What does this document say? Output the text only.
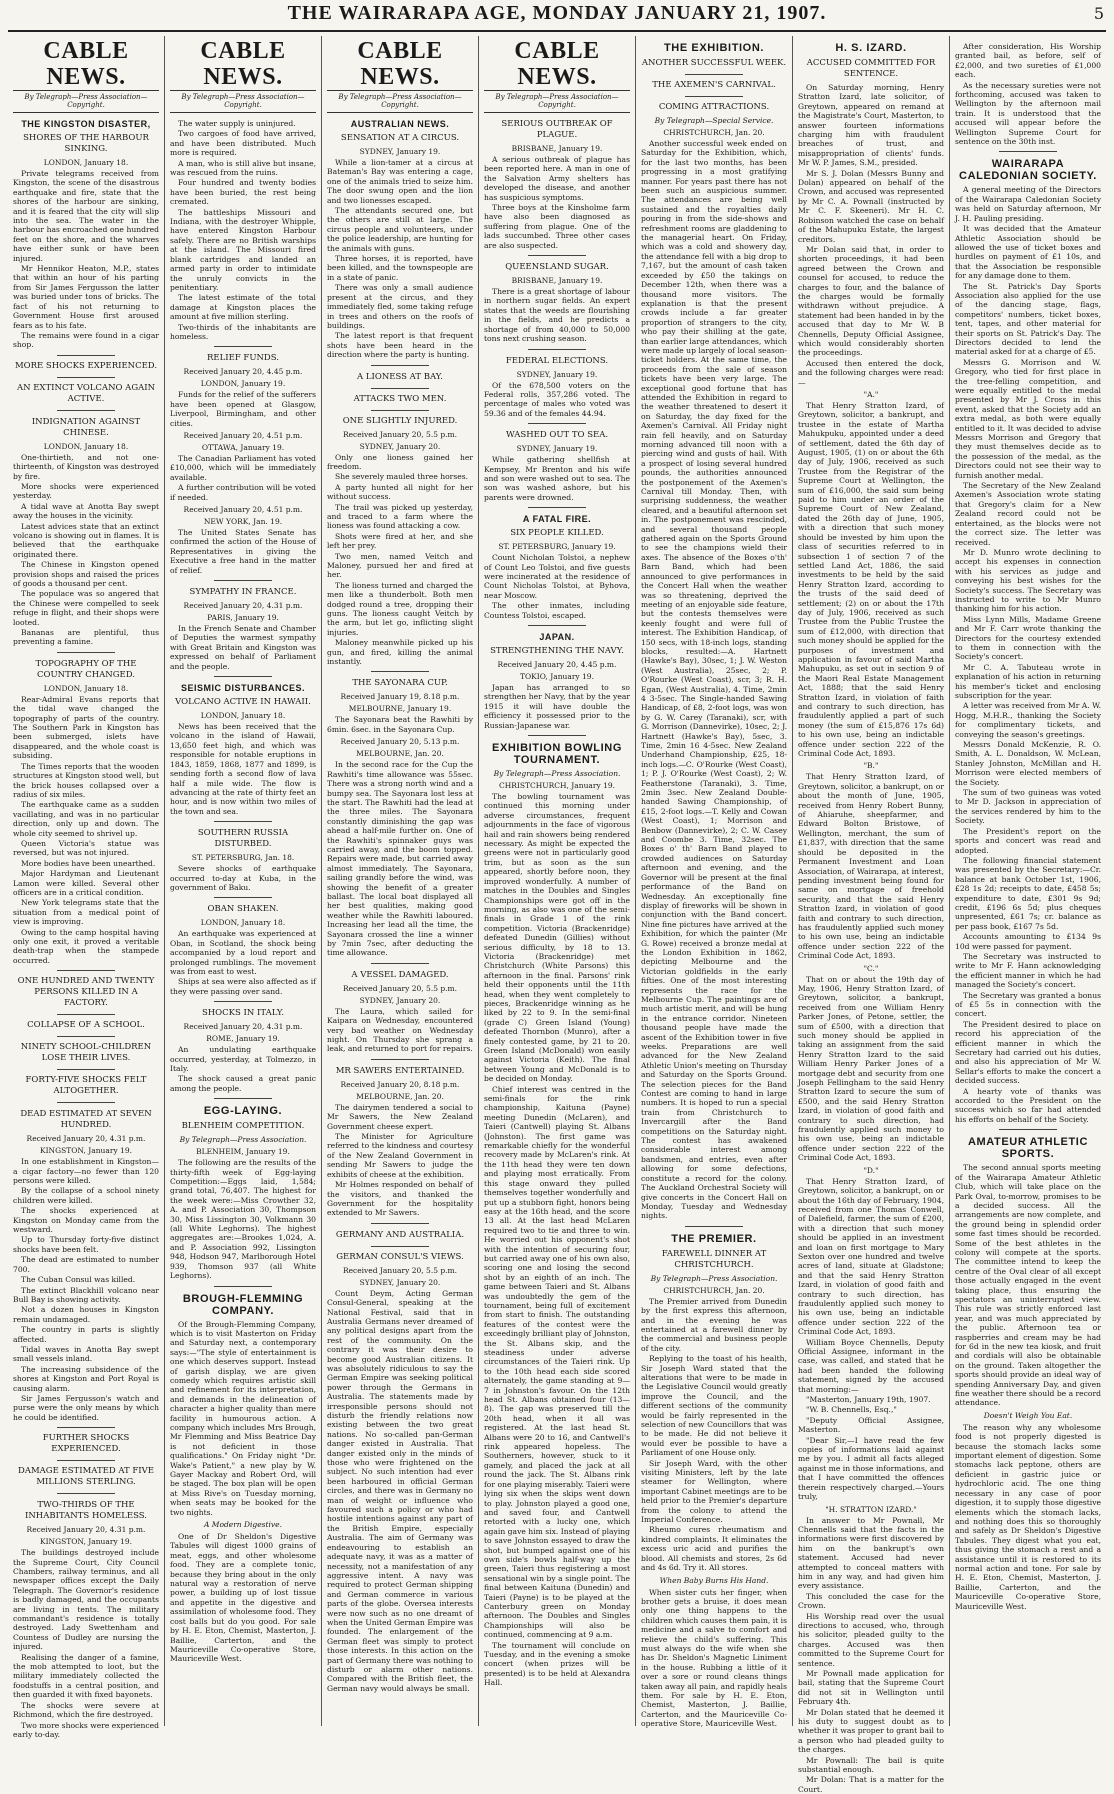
THE WAIRARAPA AGE, MONDAY JANUARY 21, 1907.	5
CABLE NEWS.
By Telegraph—Press Association—Copyright.
THE KINGSTON DISASTER,
SHORES OF THE HARBOUR SINKING.
LONDON, January 18.

Private telegrams received from Kingston, the scene of the disastrous earthquake and fire, state that the shores of the harbour are sinking, and it is feared that the city will slip into the sea. The water in the harbour has encroached one hundred feet on the shore, and the wharves have either sunk or have been injured.

Mr Hennikor Heaton, M.P., states that within an hour of his parting from Sir James Fergusson the latter was buried under tons of bricks. The fact of his not returning to Government House first aroused fears as to his fate.

The remains were found in a cigar shop.

MORE SHOCKS EXPERIENCED.
AN EXTINCT VOLCANO AGAIN ACTIVE.
INDIGNATION AGAINST CHINESE.
LONDON, January 18.

One-thirtieth, and not one-thirteenth, of Kingston was destroyed by fire.

More shocks were experienced yesterday.

A tidal wave at Anotta Bay swept away the houses in the vicinity.

Latest advices state that an extinct volcano is showing out in flames. It is believed that the earthquake originated there.

The Chinese in Kingston opened provision shops and raised the prices of goods a thousand per cent.

The populace was so angered that the Chinese were compelled to seek refuge in flight, and their shops were looted.

Bananas are plentiful, thus preventing a famine.

TOPOGRAPHY OF THE COUNTRY CHANGED.
LONDON, January 18.

Rear-Admiral Evans reports that the tidal wave changed the topography of parts of the country. The Southern Park in Kingston has been submerged, islets have disappeared, and the whole coast is subsiding.

The Times reports that the wooden structures at Kingston stood well, but the brick houses collapsed over a radius of six miles.

The earthquake came as a sudden vacillating, and was in no particular direction, only up and down. The whole city seemed to shrivel up.

Queen Victoria's statue was reversed, but was not injured.

More bodies have been unearthed.

Major Hardyman and Lieutenant Lamon were killed. Several other officers are in a critical condition.

New York telegrams state that the situation from a medical point of view is improving.

Owing to the camp hospital having only one exit, it proved a veritable death-trap when the stampede occurred.

ONE HUNDRED AND TWENTY PERSONS KILLED IN A FACTORY.
COLLAPSE OF A SCHOOL.
NINETY SCHOOL-CHILDREN LOSE THEIR LIVES.
FORTY-FIVE SHOCKS FELT ALTOGETHER.
DEAD ESTIMATED AT SEVEN HUNDRED.
Received January 20, 4.31 p.m.
KINGSTON, January 19.

In one establishment in Kingston—a cigar factory—no fewer than 120 persons were killed.

By the collapse of a school ninety children were killed.

The shocks experienced at Kingston on Monday came from the westward.

Up to Thursday forty-five distinct shocks have been felt.

The dead are estimated to number 700.

The Cuban Consul was killed.

The extinct Blackhill volcano near Bull Bay is showing activity.

Not a dozen houses in Kingston remain undamaged.

The country in parts is slightly affected.

Tidal waves in Anotta Bay swept small vessels inland.

The increasing subsidence of the shores at Kingston and Port Royal is causing alarm.

Sir James Fergusson's watch and purse were the only means by which he could be identified.

FURTHER SHOCKS EXPERIENCED.
DAMAGE ESTIMATED AT FIVE MILLIONS STERLING.
TWO-THIRDS OF THE INHABITANTS HOMELESS.
Received January 20, 4.31 p.m.
KINGSTON, January 19.

The buildings destroyed include the Supreme Court, City Council Chambers, railway terminus, and all newspaper offices except the Daily Telegraph. The Governor's residence is badly damaged, and the occupants are living in tents. The military commandant's residence is totally destroyed. Lady Swettenham and Countess of Dudley are nursing the injured.

Realising the danger of a famine, the mob attempted to loot, but the military immediately collected the foodstuffs in a central position, and then guarded it with fixed bayonets.

The shocks were severe at Richmond, which the fire destroyed.

Two more shocks were experienced early to-day.

CABLE NEWS.
By Telegraph—Press Association—Copyright.

The water supply is uninjured.

Two cargoes of food have arrived, and have been distributed. Much more is required.

A man, who is still alive but insane, was rescued from the ruins.

Four hundred and twenty bodies have been buried, the rest being cremated.

The battleships Missouri and Indiana, with the destroyer Whipple, have entered Kingston Harbour safely. There are no British warships at the island. The Missouri fired blank cartridges and landed an armed party in order to intimidate the unruly convicts in the penitentiary.

The latest estimate of the total damage at Kingston places the amount at five million sterling.

Two-thirds of the inhabitants are homeless.

RELIEF FUNDS.
Received January 20, 4.45 p.m.
LONDON, January 19.

Funds for the relief of the sufferers have been opened at Glasgow, Liverpool, Birmingham, and other cities.

Received January 20, 4.51 p.m.
OTTAWA, January 19.

The Canadian Parliament has voted £10,000, which will be immediately available.

A further contribution will be voted if needed.

Received January 20, 4.51 p.m.
NEW YORK, Jan. 19.

The United States Senate has confirmed the action of the House of Representatives in giving the Executive a free hand in the matter of relief.

SYMPATHY IN FRANCE.
Received January 20, 4.31 p.m.
PARIS, January 19.

In the French Senate and Chamber of Deputies the warmest sympathy with Great Britain and Kingston was expressed on behalf of Parliament and the people.

SEISMIC DISTURBANCES.
VOLCANO ACTIVE IN HAWAII.
LONDON, January 18.

News has been received that the volcano in the island of Hawaii, 13,650 feet high, and which was responsible for notable eruptions in 1843, 1859, 1868, 1877 and 1899, is sending forth a second flow of lava half a mile wide. The flow is advancing at the rate of thirty feet an hour, and is now within two miles of the town and sea.

SOUTHERN RUSSIA DISTURBED.
ST. PETERSBURG, Jan. 18.

Severe shocks of earthquake occurred to-day at Kuba, in the government of Baku.

OBAN SHAKEN.
LONDON, January 18.

An earthquake was experienced at Oban, in Scotland, the shock being accompanied by a loud report and prolonged rumblings. The movement was from east to west.

Ships at sea were also affected as if they were passing over sand.

SHOCKS IN ITALY.
Received January 20, 4.31 p.m.
ROME, January 19.

An undulating earthquake occurred, yesterday, at Tolmezzo, in Italy.

The shock caused a great panic among the people.

EGG-LAYING.
BLENHEIM COMPETITION.
By Telegraph—Press Association.
BLENHEIM, January 19.

The following are the results of the thirty-fifth week of Egg-laying Competition:—Eggs laid, 1,584; grand total, 76,407. The highest for the week were:—Miss Crowther 32, A. and P. Association 30, Thompson 30, Miss Lissington 30, Volkmann 30 (all White Leghorns). The highest aggregates are:—Brookes 1,024, A. and P. Association 992, Lissington 948, Hodson 947, Marlborough Hotel 939, Thomson 937 (all White Leghorns).

BROUGH-FLEMMING COMPANY.

Of the Brough-Flemming Company, which is to visit Masterton on Friday and Saturday next, a contemporary says:—"The style of entertainment is one which deserves support. Instead of garish display, we are given comedy which requires artistic skill and refinement for its interpretation, and demands in the delineation of character a higher quality than mere facility in humourous action. A company which includes Mrs Brough, Mr Flemming and Miss Beatrice Day is not deficient in those qualifications." On Friday night "Dr. Wake's Patient," a new play by W. Gayer Mackay and Robert Ord, will be staged. The box plan will be open at Miss Rive's on Tuesday morning, when seats may be booked for the two nights.

A Modern Digestive.

One of Dr Sheldon's Digestive Tabules will digest 1000 grains of meat, eggs, and other wholesome food. They are a complete tonic, because they bring about in the only natural way a restoration of nerve power, a building up of lost tissue and appetite in the digestive and assimilation of wholesome food. They cost balls but do you good. For sale by H. E. Eton, Chemist, Masterton, J. Baillie, Carterton, and the Mauriceville Co-operative Store, Mauriceville West.

CABLE NEWS.
By Telegraph—Press Association—Copyright.
AUSTRALIAN NEWS.
SENSATION AT A CIRCUS.
SYDNEY, January 19.

While a lion-tamer at a circus at Bateman's Bay was entering a cage, one of the animals tried to seize him. The door swung open and the lion and two lionesses escaped.

The attendants secured one, but the others are still at large. The circus people and volunteers, under the police leadership, are hunting for the animals with guns.

Three horses, it is reported, have been killed, and the townspeople are in a state of panic.

There was only a small audience present at the circus, and they immediately fled, some taking refuge in trees and others on the roofs of buildings.

The latest report is that frequent shots have been heard in the direction where the party is hunting.

A LIONESS AT BAY.
ATTACKS TWO MEN.
ONE SLIGHTLY INJURED.
Received January 20, 5.5 p.m.
SYDNEY, January 20.

Only one lioness gained her freedom.

She severely mauled three horses.

A party hunted all night for her without success.

The trail was picked up yesterday, and traced to a farm where the lioness was found attacking a cow.

Shots were fired at her, and she left her prey.

Two men, named Veitch and Maloney, pursued her and fired at her.

The lioness turned and charged the men like a thunderbolt. Both men dodged round a tree, dropping their guns. The lioness caught Veitch by the arm, but let go, inflicting slight injuries.

Maloney meanwhile picked up his gun, and fired, killing the animal instantly.

THE SAYONARA CUP.
Received January 19, 8.18 p.m.
MELBOURNE, January 19.

The Sayonara beat the Rawhiti by 6min. 6sec. in the Sayonara Cup.

Received January 20, 5.13 p.m.
MELBOURNE, Jan. 20.

In the second race for the Cup the Rawhiti's time allowance was 55sec. There was a strong north wind and a bumpy sea. The Sayonara lost less at the start. The Rawhiti had the lead at the three miles. The Sayonara constantly diminishing the gap was ahead a half-mile further on. One of the Rawhiti's spinnaker guys was carried away, and the boom topped. Repairs were made, but carried away almost immediately. The Sayonara, sailing grandly before the wind, was showing the benefit of a greater ballast. The local boat displayed all her best qualities, making good weather while the Rawhiti laboured. Increasing her lead all the time, the Sayonara crossed the line a winner by 7min 7sec, after deducting the time allowance.

A VESSEL DAMAGED.
Received January 20, 5.5 p.m.
SYDNEY, January 20.

The Laura, which sailed for Kaipara on Wednesday, encountered very bad weather on Wednesday night. On Thursday she sprang a leak, and returned to port for repairs.

MR SAWERS ENTERTAINED.
Received January 20, 8.18 p.m.
MELBOURNE, Jan. 20.

The dairymen tendered a social to Mr Sawers, the New Zealand Government cheese expert.

The Minister for Agriculture referred to the kindness and courtesy of the New Zealand Government in sending Mr Sawers to judge the exhibits of cheese at the exhibition.

Mr Holmes responded on behalf of the visitors, and thanked the Government for the hospitality extended to Mr Sawers.

GERMANY AND AUSTRALIA.
GERMAN CONSUL'S VIEWS.
Received January 20, 5.5 p.m.
SYDNEY, January 20.

Count Deym, Acting German Consul-General, speaking at the National Festival, said that in Australia Germans never dreamed of any political designs apart from the rest of the community. On the contrary it was their desire to become good Australian citizens. It was absolutely ridiculous to say the German Empire was seeking political power through the Germans in Australia. The statements made by irresponsible persons should not disturb the friendly relations now existing between the two great nations. No so-called pan-German danger existed in Australia. That danger existed only in the minds of those who were frightened on the subject. No such intention had ever been harboured in official German circles, and there was in Germany no man of weight or influence who favoured such a policy or who had hostile intentions against any part of the British Empire, especially Australia. The aim of Germany was endeavouring to establish an adequate navy, it was as a matter of necessity, not a manifestation of any aggressive intent. A navy was required to protect German shipping and German commerce in various parts of the globe. Oversea interests were now such as no one dreamt of when the United German Empire was founded. The enlargement of the German fleet was simply to protect those interests. In this action on the part of Germany there was nothing to disturb or alarm other nations. Compared with the British fleet, the German navy would always be small.

CABLE NEWS.
By Telegraph—Press Association—Copyright.
SERIOUS OUTBREAK OF PLAGUE.
BRISBANE, January 19.

A serious outbreak of plague has been reported here. A man in one of the Salvation Army shelters has developed the disease, and another has suspicious symptoms.

Three boys at the Kinsholme farm have also been diagnosed as suffering from plague. One of the lads succumbed. Three other cases are also suspected.

QUEENSLAND SUGAR.
BRISBANE, January 19.

There is a great shortage of labour in northern sugar fields. An expert states that the weeds are flourishing in the fields, and he predicts a shortage of from 40,000 to 50,000 tons next crushing season.

FEDERAL ELECTIONS.
SYDNEY, January 19.

Of the 678,500 voters on the Federal rolls, 357,286 voted. The percentage of males who voted was 59.36 and of the females 44.94.

WASHED OUT TO SEA.
SYDNEY, January 19.

While gathering shellfish at Kempsey, Mr Brenton and his wife and son were washed out to sea. The son was washed ashore, but his parents were drowned.

A FATAL FIRE.
SIX PEOPLE KILLED.
ST. PETERSBURG, January 19.

Count Nicholan Tolstoi, a nephew of Count Leo Tolstoi, and five guests were incinerated at the residence of Count Nicholas Tolstoi, at Byhova, near Moscow.

The other inmates, including Countess Tolstoi, escaped.

JAPAN.
STRENGTHENING THE NAVY.
Received January 20, 4.45 p.m.
TOKIO, January 19.

Japan has arranged to so strengthen her Navy, that by the year 1915 it will have double the efficiency it possessed prior to the Russian-Japanese war.

EXHIBITION BOWLING TOURNAMENT.
By Telegraph—Press Association.
CHRISTCHURCH, January 19.

The bowling tournament was continued this morning under adverse circumstances, frequent adjournments in the face of vigorous hail and rain showers being rendered necessary. As might be expected the greens were not in particularly good trim, but as soon as the sun appeared, shortly before noon, they improved wonderfully. A number of matches in the Doubles and Singles Championships were got off in the morning, as also was one of the semi-finals in Grade 1 of the rink competition. Victoria (Brackenridge) defeated Dunedin (Gillies) without serious difficulty, by 18 to 13. Victoria (Brackenridge) met Christchurch (White Parsons) this afternoon in the final. Parsons' rink held their opponents until the 11th head, when they went completely to pieces, Brackenridge winning as he liked by 22 to 9. In the semi-final (grade C) Green Island (Young) defeated Thornbon (Munro), after a finely contested game, by 21 to 20. Green Island (McDonald) won easily against Victoria (Keith). The final between Young and McDonald is to be decided on Monday.

Chief interest was centred in the semi-finals for the rink championship, Kaituna (Payne) meeting Dunedin (McLaren), and Taieri (Cantwell) playing St. Albans (Johnston). The first game was remarkable chiefly for the wonderful recovery made by McLaren's rink. At the 11th head they were ten down and playing most erratically. From this stage onward they pulled themselves together wonderfully and put up a stubborn fight, honors being easy at the 16th head, and the score 13 all. At the last head McLaren required two to tie and three to win. He worried out his opponent's shot with the intention of securing four, but carried away one of his own also, scoring one and losing the second shot by an eighth of an inch. The game between Taieri and St. Albans was undoubtedly the gem of the tournament, being full of excitement from start to finish. The outstanding features of the contest were the exceedingly brilliant play of Johnston, the St. Albans skip, and the steadiness under adverse circumstances of the Taieri rink. Up to the 10th head each side scored alternately, the game standing at 9—7 in Johnston's favour. On the 12th head St. Albans obtained four (13—8). The gap was preserved till the 20th head, when it all was registered. At the last head St. Albans were 20 to 16, and Cantwell's rink appeared hopeless. The Southerners, however, stuck to it gamely, and placed the jack at all round the jack. The St. Albans rink for one playing miserably. Taieri were lying six when the skips went down to play. Johnston played a good one, and saved four, and Cantwell retorted with a lucky one, which again gave him six. Instead of playing to save Johnston essayed to draw the shot, but bumped against one of his own side's bowls half-way up the green, Taieri thus registering a most sensational win by a single point. The final between Kaituna (Dunedin) and Taieri (Payne) is to be played at the Canterbury green on Monday afternoon. The Doubles and Singles Championships will also be continued, commencing at 9 a.m.

The tournament will conclude on Tuesday, and in the evening a smoke concert (when prizes will be presented) is to be held at Alexandra Hall.

THE EXHIBITION.
ANOTHER SUCCESSFUL WEEK.
THE AXEMEN'S CARNIVAL.
COMING ATTRACTIONS.
By Telegraph—Special Service.
CHRISTCHURCH, Jan. 20.

Another successful week ended on Saturday for the Exhibition, which, for the last two months, has been progressing in a most gratifying manner. For years past there has not been such an auspicious summer. The attendances are being well sustained and the royalties daily pouring in from the side-shows and refreshment rooms are gladdening to the managerial heart. On Friday, which was a cold and showery day, the attendance fell with a big drop to 7,167, but the amount of cash taken exceeded by £50 the takings on December 12th, when there was a thousand more visitors. The explanation is that the present crowds include a far greater proportion of strangers to the city, who pay their shilling at the gate, than earlier large attendances, which were made up largely of local season-ticket holders. At the same time, the proceeds from the sale of season tickets have been very large. The exceptional good fortune that has attended the Exhibition in regard to the weather threatened to desert it on Saturday, the day fixed for the Axemen's Carnival. All Friday night rain fell heavily, and on Saturday morning advanced till noon with a piercing wind and gusts of hail. With a prospect of losing several hundred pounds, the authorities announced the postponement of the Axemen's Carnival till Monday. Then, with surprising suddenness, the weather cleared, and a beautiful afternoon set in. The postponement was rescinded, and several thousand people gathered again on the Sports Ground to see the champions wield their axes. The absence of the Boxes o'th' Barn Band, which had been announced to give performances in the Concert Hall when the weather was so threatening, deprived the meeting of an enjoyable side feature, but the contests themselves were keenly fought and were full of interest. The Exhibition Handicap, of 150 secs, with 18-inch logs, standing blocks, resulted:—A. Hartnett (Hawke's Bay), 30sec, 1; J. W. Weston (West Australia), 25sec, 2; P. O'Rourke (West Coast), scr, 3; R. H. Egan, (West Australia), 4. Time, 2min 4 3-5sec. The Single-handed Sawing Handicap, of £8, 2-foot logs, was won by G. W. Carey (Taranaki), scr, with G. Morrison (Dannevirke), 10sec, 2; J. Hartnett (Hawke's Bay), 5sec, 3. Time, 2min 16 4-5sec. New Zealand Underhand Championship, £25, 18-inch logs.—C. O'Rourke (West Coast), 1; P. J. O'Rourke (West Coast), 2; W. Featherstone (Taranaki), 3. Time, 2min 3sec. New Zealand Double-handed Sawing Championship, of £15, 2-foot logs.—T. Kelly and Cowan (West Coast), 1; Morrison and Benbow (Dannevirke), 2; C. W. Casey and Coombe 3. Time, 32sec. The Boxes o' th' Barn Band played to crowded audiences on Saturday afternoon and evening, and the Governor will be present at the final performance of the Band on Wednesday. An exceptionally fine display of fireworks will be shown in conjunction with the Band concert. Nine fine pictures have arrived at the Exhibition, for which the painter (Mr G. Rowe) received a bronze medal at the London Exhibition in 1862, depicting Melbourne and the Victorian goldfields in the early fifties. One of the most interesting represents the race for the Melbourne Cup. The paintings are of much artistic merit, and will be hung in the entrance corridor. Nineteen thousand people have made the ascent of the Exhibition tower in five weeks. Preparations are well advanced for the New Zealand Athletic Union's meeting on Thursday and Saturday on the Sports Ground. The selection pieces for the Band Contest are coming to hand in large numbers. It is hoped to run a special train from Christchurch to Invercargill after the Band competitions on the Saturday night. The contest has awakened considerable interest among bandsmen, and entries, even after allowing for some defections, constitute a record for the colony. The Auckland Orchestral Society will give concerts in the Concert Hall on Monday, Tuesday and Wednesday nights.

THE PREMIER.
FAREWELL DINNER AT CHRISTCHURCH.
By Telegraph—Press Association.
CHRISTCHURCH, Jan. 20.

The Premier arrived from Dunedin by the first express this afternoon, and in the evening he was entertained at a farewell dinner by the commercial and business people of the city.

Replying to the toast of his health, Sir Joseph Ward stated that the alterations that were to be made in the Legislative Council would greatly improve the Council, and the different sections of the community would be fairly represented in the selection of new Councillors that was to be made. He did not believe it would ever be possible to have a Parliament of one House only.

Sir Joseph Ward, with the other visiting Ministers, left by the late steamer for Wellington, where important Cabinet meetings are to be held prior to the Premier's departure from the colony to attend the Imperial Conference.

Rheumo cures rheumatism and kindred complaints. It eliminates the excess uric acid and purifies the blood. All chemists and stores, 2s 6d and 4s 6d. Try it. All stores.

When Baby Burns His Hand.

When sister cuts her finger, when brother gets a bruise, it does mean only one thing happens to the children which causes them pain, it is medicine and a salve to comfort and relieve the child's suffering. This must always do the wife when she has Dr. Sheldon's Magnetic Liniment in the house. Rubbing a little of it over a sore or round cleans things taken away all pain, and rapidly heals them. For sale by H. E. Eton, Chemist, Masterton, J. Baillie, Carterton, and the Mauriceville Co-operative Store, Mauriceville West.

H. S. IZARD.
ACCUSED COMMITTED FOR SENTENCE.

On Saturday morning, Henry Stratton Izard, late solicitor, of Greytown, appeared on remand at the Magistrate's Court, Masterton, to answer fourteen informations charging him with fraudulent breaches of trust, and misappropriation of clients' funds. Mr W. P. James, S.M., presided.

Mr S. J. Dolan (Messrs Bunny and Dolan) appeared on behalf of the Crown, and accused was represented by Mr C. A. Pownall (instructed by Mr C. F. Skeeneri). Mr H. C. Robinson watched the case on behalf of the Mahupuku Estate, the largest creditors.

Mr Dolan said that, in order to shorten proceedings, it had been agreed between the Crown and counsel for accused, to reduce the charges to four, and the balance of the charges would be formally withdrawn without prejudice. A statement had been handed in by the accused that day to Mr W. B Chennells, Deputy Official Assignee, which would considerably shorten the proceedings.

Accused then entered the dock, and the following charges were read:—

"A."

That Henry Stratton Izard, of Greytown, solicitor, a bankrupt, and trustee in the estate of Martha Mahukpuku, appointed under a deed of settlement, dated the 6th day of August, 1905, (1) on or about the 6th day of July, 1906, received as such Trustee from the Registrar of the Supreme Court at Wellington, the sum of £16,000, the said sum being paid to him under an order of the Supreme Court of New Zealand, dated the 26th day of June, 1905, with a direction that such money should be invested by him upon the class of securities referred to in subsection 1 of section 7 of the settled Land Act, 1886, the said investments to be held by the said Henry Stratton Izard, according to the trusts of the said deed of settlement; (2) on or about the 17th day of July, 1906, received as such Trustee from the Public Trustee the sum of £12,000, with direction that such money should be applied for the purposes of investment and application in favour of said Martha Mahupuku, as set out in section 9 of the Maori Real Estate Management Act, 1888; that the said Henry Stratton Izard, in violation of faith and contrary to such direction, has fraudulently applied a part of such money (the sum of £15,876 17s 6d) to his own use, being an indictable offence under section 222 of the Criminal Code Act, 1893.

"B."

That Henry Stratton Izard, of Greytown, solicitor, a bankrupt, on or about the month of June, 1905, received from Henry Robert Bunny, of Ahiaruhe, sheepfarmer, and Edward Bolton Bristowe, of Wellington, merchant, the sum of £1,837, with direction that the same should be deposited in the Permanent Investment and Loan Association, of Wairarapa, at interest, pending investment being found for same on mortgage of freehold security, and that the said Henry Stratton Izard, in violation of good faith and contrary to such direction, has fraudulently applied such money to his own use, being an indictable offence under section 222 of the Criminal Code Act, 1893.

"C."

That on or about the 19th day of May, 1906, Henry Stratton Izard, of Greytown, solicitor, a bankrupt, received from one William Henry Parker Jones, of Petone, settler, the sum of £500, with a direction that such money should be applied in taking an assignment from the said Henry Stratton Izard to the said William Henry Parker Jones of a mortgage debt and security from one Joseph Fellingham to the said Henry Stratton Izard to secure the sum of £500, and the said Henry Stratton Izard, in violation of good faith and contrary to such direction, had fraudulently applied such money to his own use, being an indictable offence under section 222 of the Criminal Code Act, 1893.

"D."

That Henry Stratton Izard, of Greytown, solicitor, a bankrupt, on or about the 16th day of February, 1904, received from one Thomas Conwell, of Dalefield, farmer, the sum of £200, with a direction that such money should be applied in an investment and loan on first mortgage to Mary Sexton over one hundred and twelve acres of land, situate at Gladstone; and that the said Henry Stratton Izard, in violation of good faith and contrary to such direction, has fraudulently applied such money to his own use, being an indictable offence under section 222 of the Criminal Code Act, 1893.

William Boyce Chennells, Deputy Official Assignee, informant in the case, was called, and stated that he had been handed the following statement, signed by the accused that morning:—

"Masterton, January 19th, 1907.

"W. B. Chennells, Esq.,"

"Deputy Official Assignee, Masterton.

"Dear Sir,—I have read the few copies of informations laid against me by you. I admit all facts alleged against me in those informations, and that I have committed the offences therein respectively charged.—Yours truly,

"H. STRATTON IZARD."

In answer to Mr Pownall, Mr Chennells said that the facts in the informations were first discovered by him on the bankrupt's own statement. Accused had never attempted to conceal matters with him in any way, and had given him every assistance.

This concluded the case for the Crown.

His Worship read over the usual directions to accused, who, through his solicitor, pleaded guilty to the charges. Accused was then committed to the Supreme Court for sentence.

Mr Pownall made application for bail, stating that the Supreme Court did not sit in Wellington until February 4th.

Mr Dolan stated that he deemed it his duty to suggest doubt as to whether it was proper to grant bail to a person who had pleaded guilty to the charges.

Mr Pownall: The bail is quite substantial enough.

Mr Dolan: That is a matter for the Court.

After consideration, His Worship granted bail, as before, self of £2,000, and two sureties of £1,000 each.

As the necessary sureties were not forthcoming, accused was taken to Wellington by the afternoon mail train. It is understood that the accused will appear before the Wellington Supreme Court for sentence on the 30th inst.

WAIRARAPA CALEDONIAN SOCIETY.

A general meeting of the Directors of the Wairarapa Caledonian Society was held on Saturday afternoon, Mr J. H. Pauling presiding.

It was decided that the Amateur Athletic Association should be allowed the use of ticket boxes and hurdles on payment of £1 10s, and that the Association be responsible for any damage done to them.

The St. Patrick's Day Sports Association also applied for the use of the dancing stage, flags, competitors' numbers, ticket boxes, tent, tapes, and other material for their sports on St. Patrick's Day. The Directors decided to lend the material asked for at a charge of £5.

Messrs G. Morrison and W. Gregory, who tied for first place in the tree-felling competition, and were equally entitled to the medal presented by Mr J. Cross in this event, asked that the Society add an extra medal, as both were equally entitled to it. It was decided to advise Messrs Morrison and Gregory that they must themselves decide as to the possession of the medal, as the Directors could not see their way to furnish another medal.

The Secretary of the New Zealand Axemen's Association wrote stating that Gregory's claim for a New Zealand record could not be entertained, as the blocks were not the correct size. The letter was received.

Mr D. Munro wrote declining to accept his expenses in connection with his services as judge and conveying his best wishes for the Society's success. The Secretary was instructed to write to Mr Munro thanking him for his action.

Miss Lynn Mills, Madame Greene and Mr F. Carr wrote thanking the Directors for the courtesy extended to them in connection with the Society's concert.

Mr C. A. Tabuteau wrote in explanation of his action in returning his member's ticket and enclosing subscription for the year.

A letter was received from Mr A. W. Hogg, M.H.R., thanking the Society for complimentary tickets, and conveying the season's greetings.

Messrs Donald McKenzie, R. O. Smith, A. L. Donaldson, W. McLean, Stanley Johnston, McMillan and H. Morrison were elected members of the Society.

The sum of two guineas was voted to Mr D. Jackson in appreciation of the services rendered by him to the Society.

The President's report on the sports and concert was read and adopted.

The following financial statement was presented by the Secretary:—Cr. balance at bank October 1st, 1906, £28 1s 2d; receipts to date, £458 5s; expenditure to date, £301 9s 9d; credit, £196 6s 5d; plus cheques unpresented, £61 7s; cr. balance as per pass book, £167 7s 5d.

Accounts amounting to £134 9s 10d were passed for payment.

The Secretary was instructed to write to Mr F. Hann acknowledging the efficient manner in which he had managed the Society's concert.

The Secretary was granted a bonus of £5 5s in connection with the concert.

The President desired to place on record his appreciation of the efficient manner in which the Secretary had carried out his duties, and also his appreciation of Mr W. Sellar's efforts to make the concert a decided success.

A hearty vote of thanks was accorded to the President on the success which so far had attended his efforts on behalf of the Society.

AMATEUR ATHLETIC SPORTS.

The second annual sports meeting of the Wairarapa Amateur Athletic Club, which will take place on the Park Oval, to-morrow, promises to be a decided success. All the arrangements are now complete, and the ground being in splendid order some fast times should be recorded. Some of the best athletes in the colony will compete at the sports. The committee intend to keep the centre of the Oval clear of all except those actually engaged in the event taking place, thus ensuring the spectators an uninterrupted view. This rule was strictly enforced last year, and was much appreciated by the public. Afternoon tea or raspberries and cream may be had for 6d in the new tea kiosk, and fruit and cordials will also be obtainable on the ground. Taken altogether the sports should provide an ideal way of spending Anniversary Day, and given fine weather there should be a record attendance.

Doesn't Weigh You Eat.

The reason why any wholesome food is not properly digested is because the stomach lacks some important element of digestion. Some stomachs lack peptone, others are deficient in gastric juice or hydrochloric acid. The one thing necessary in any case of poor digestion, it to supply those digestive elements which the stomach lacks, and nothing does this so thoroughly and safely as Dr Sheldon's Digestive Tabules. They digest what you eat, thus giving the stomach a rest and a assistance until it is restored to its normal action and tone. For sale by H. E. Eton, Chemist, Masterton, J. Baillie, Carterton, and the Mauriceville Co-operative Store, Mauriceville West.
